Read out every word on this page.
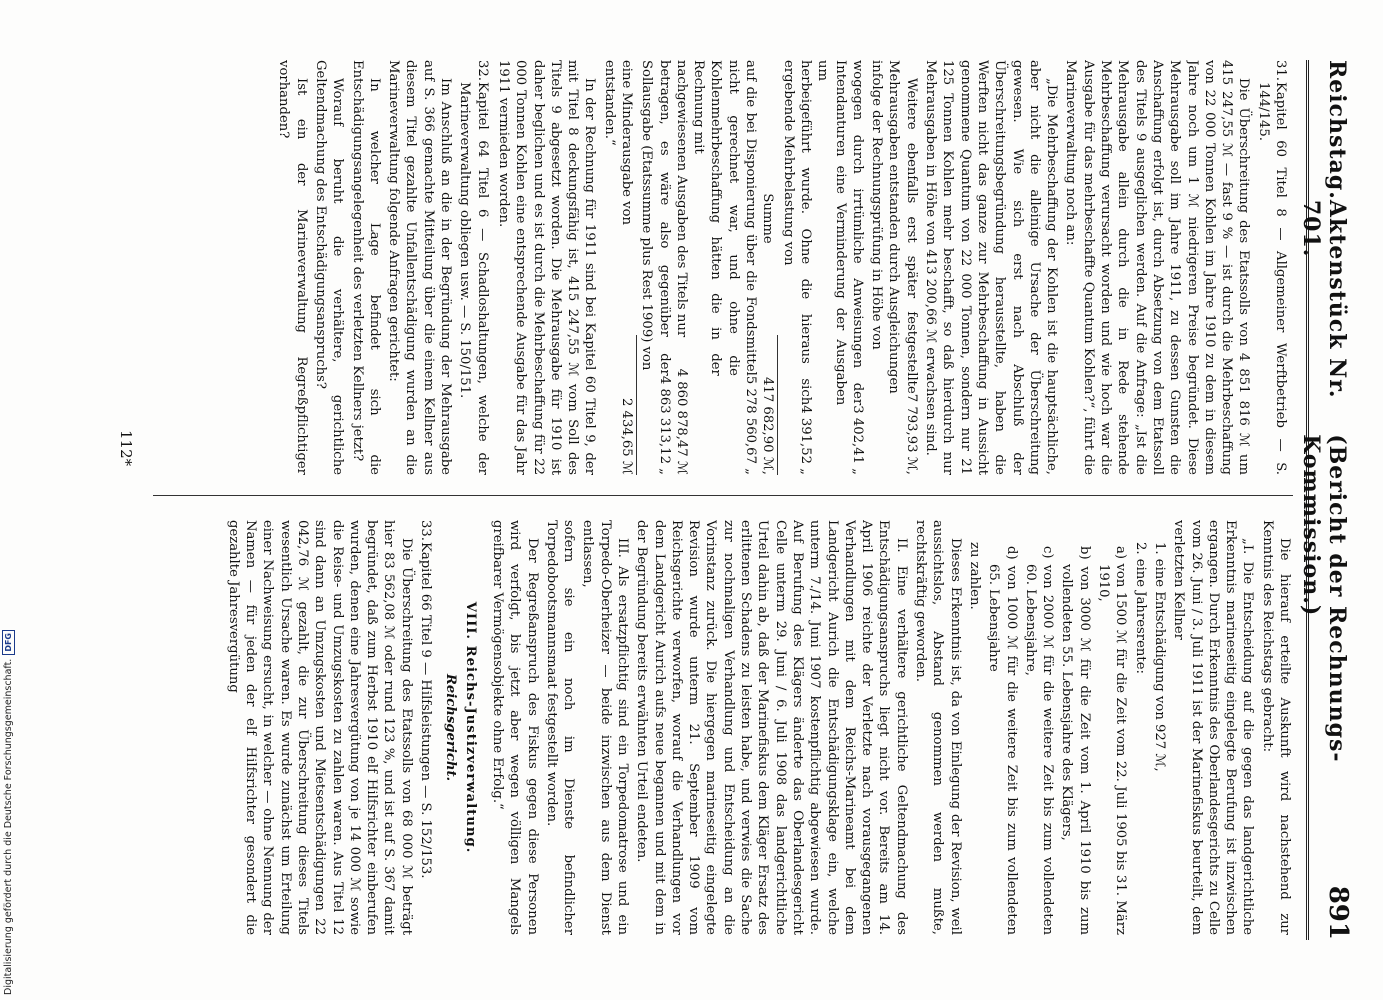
Reichstag.
Aktenstück Nr. 701.
(Bericht der Rechnungs-Kommission.)
891

31.
Kapitel 60 Titel 8 — Allgemeiner Werftbetrieb — S. 144/145.

Die Überschreitung des Etatssolls von 4 851 816 ℳ um 415 247,55 ℳ — fast 9 % — ist durch die Mehrbeschaffung von 22 000 Tonnen Kohlen im Jahre 1910 zu dem in diesem Jahre noch um 1 ℳ niedrigeren Preise begründet. Diese Mehrausgabe soll im Jahre 1911, zu dessen Gunsten die Anschaffung erfolgt ist, durch Absetzung von dem Etatssoll des Titels 9 ausgeglichen werden. Auf die Anfrage: „Ist die Mehrausgabe allein durch die in Rede stehende Mehrbeschaffung verursacht worden und wie hoch war die Ausgabe für das mehrbeschaffte Quantum Kohlen?“, führt die Marineverwaltung noch an:

„Die Mehrbeschaffung der Kohlen ist die hauptsächliche, aber nicht die alleinige Ursache der Überschreitung gewesen. Wie sich erst nach Abschluß der Überschreitungsbegründung herausstellte, haben die Werften nicht das ganze zur Mehrbeschaffung in Aussicht genommene Quantum von 22 000 Tonnen, sondern nur 21 125 Tonnen Kohlen mehr beschafft, so daß hierdurch nur Mehrausgaben in Höhe von 413 200,66 ℳ erwachsen sind.

Weitere ebenfalls erst später festgestellte Mehrausgaben entstanden durch Ausgleichungen infolge der Rechnungsprüfung in Höhe von
7 793,93 ℳ,
wogegen durch irrtümliche Anweisungen der Intendanturen eine Verminderung der Ausgaben um
3 402,41 „
herbeigeführt wurde. Ohne die hieraus sich ergebende Mehrbelastung von
4 391,52 „
Summe
417 682,90 ℳ,
auf die bei Disponierung über die Fondsmittel nicht gerechnet war, und ohne die Kohlenmehrbeschaffung hätten die in der Rechnung mit
5 278 560,67 „
nachgewiesenen Ausgaben des Titels nur
4 860 878,47 ℳ
betragen, es wäre also gegenüber der Sollausgabe (Etatssumme plus Rest 1909) von
4 863 313,12 „
eine Minderausgabe von
2 434,65 ℳ

entstanden.“

In der Rechnung für 1911 sind bei Kapitel 60 Titel 9, der mit Titel 8 deckungsfähig ist, 415 247,55 ℳ vom Soll des Titels 9 abgesetzt worden. Die Mehrausgabe für 1910 ist daher beglichen und es ist durch die Mehrbeschaffung für 22 000 Tonnen Kohlen eine entsprechende Ausgabe für das Jahr 1911 vermieden worden.

32.
Kapitel 64 Titel 6 — Schadloshaltungen, welche der Marineverwaltung obliegen usw. — S. 150/151.

Im Anschluß an die in der Begründung der Mehrausgabe auf S. 366 gemachte Mitteilung über die einem Kellner aus diesem Titel gezahlte Unfallentschädigung wurden an die Marineverwaltung folgende Anfragen gerichtet:

In welcher Lage befindet sich die Entschädigungsangelegenheit des verletzten Kellners jetzt?

Worauf beruht die verhältere, gerichtliche Geltendmachung des Entschädigungsanspruchs?

Ist ein der Marineverwaltung Regreßpflichtiger vorhanden?

Die hierauf erteilte Auskunft wird nachstehend zur Kenntnis des Reichstags gebracht:

„I. Die Entscheidung auf die gegen das landgerichtliche Erkenntnis marineseitig eingelegte Berufung ist inzwischen ergangen. Durch Erkenntnis des Oberlandesgerichts zu Celle vom 26. Juni / 3. Juli 1911 ist der Marinefiskus beurteilt, dem verletzten Kellner

1. eine Entschädigung von 927 ℳ,

2. eine Jahresrente:

a) von 1500 ℳ für die Zeit vom 22. Juli 1905 bis 31. März 1910,

b) von 3000 ℳ für die Zeit vom 1. April 1910 bis zum vollendeten 55. Lebensjahre des Klägers,

c) von 2000 ℳ für die weitere Zeit bis zum vollendeten 60. Lebensjahre,

d) von 1000 ℳ für die weitere Zeit bis zum vollendeten 65. Lebensjahre

zu zahlen.

Dieses Erkenntnis ist, da von Einlegung der Revision, weil aussichtslos, Abstand genommen werden mußte, rechtskräftig geworden.

II. Eine verhältere gerichtliche Geltendmachung des Entschädigungsanspruchs liegt nicht vor. Bereits am 14. April 1906 reichte der Verletzte nach vorausgegangenen Verhandlungen mit dem Reichs-Marineamt bei dem Landgericht Aurich die Entschädigungsklage ein, welche unterm 7./14. Juni 1907 kostenpflichtig abgewiesen wurde. Auf Berufung des Klägers änderte das Oberlandesgericht Celle unterm 29. Juni / 6. Juli 1908 das landgerichtliche Urteil dahin ab, daß der Marinefiskus dem Kläger Ersatz des erlittenen Schadens zu leisten habe, und verwies die Sache zur nochmaligen Verhandlung und Entscheidung an die Vorinstanz zurück. Die hiergegen marineseitig eingelegte Revision wurde unterm 21. September 1909 vom Reichsgerichte verworfen, worauf die Verhandlungen vor dem Landgericht Aurich aufs neue begannen und mit dem in der Begründung bereits erwähnten Urteil endeten.

III. Als ersatzpflichtig sind ein Torpedomatrose und ein Torpedo-Oberheizer — beide inzwischen aus dem Dienst entlassen,

sofern sie ein noch im Dienste befindlicher Torpedobootsmannsmaat festgestellt worden.

Der Regreßanspruch des Fiskus gegen diese Personen wird verfolgt, bis jetzt aber wegen völligen Mangels greifbarer Vermögensobjekte ohne Erfolg.“

VIII. Reichs-Justizverwaltung.
Reichsgericht.

33.
Kapitel 66 Titel 9 — Hilfsleistungen — S. 152/153.

Die Überschreitung des Etatssolls von 68 000 ℳ beträgt hier 83 562,08 ℳ oder rund 123 %, und ist auf S. 367 damit begründet, daß zum Herbst 1910 elf Hilfsrichter einberufen wurden, denen eine Jahresvergütung von je 14 000 ℳ sowie die Reise- und Umzugskosten zu zahlen waren. Aus Titel 12 sind dann an Umzugskosten und Mietsentschädigungen 22 042,76 ℳ gezahlt, die zur Überschreitung dieses Titels wesentlich Ursache waren. Es wurde zunächst um Erteilung einer Nachweisung ersucht, in welcher — ohne Nennung der Namen — für jeden der elf Hilfsrichter gesondert die gezahlte Jahresvergütung

112*
Digitalisierung gefördert durch die Deutsche Forschungsgemeinschaft.
DFG
